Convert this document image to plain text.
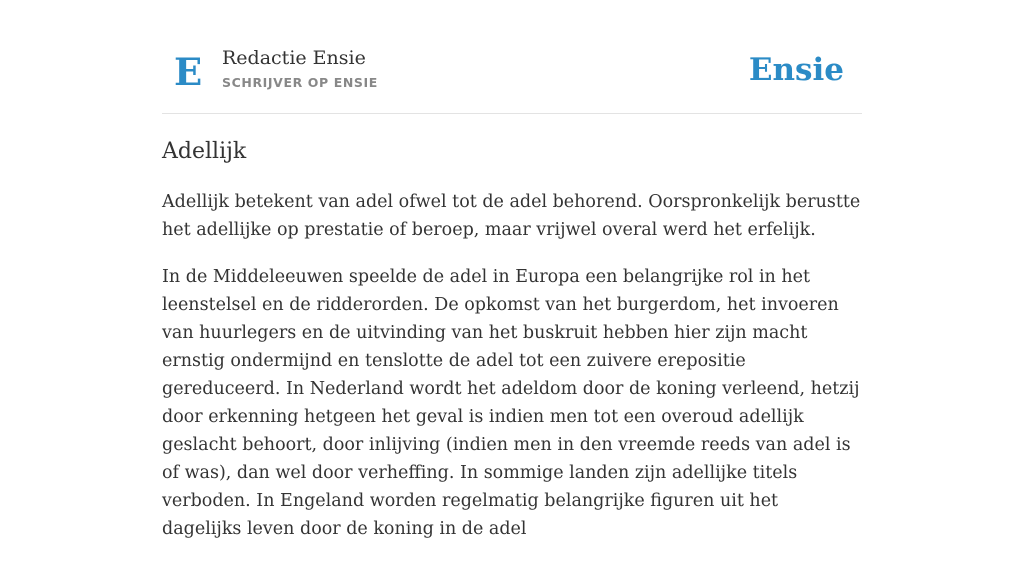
E Redactie Ensie
SCHRIJVER OP ENSIE	Ensie
Adellijk

Adellijk betekent van adel ofwel tot de adel behorend. Oorspronkelijk berustte het adellijke op prestatie of beroep, maar vrijwel overal werd het erfelijk.

In de Middeleeuwen speelde de adel in Europa een belangrijke rol in het leenstelsel en de ridderorden. De opkomst van het burgerdom, het invoeren van huurlegers en de uitvinding van het buskruit hebben hier zijn macht ernstig ondermijnd en tenslotte de adel tot een zuivere erepositie gereduceerd. In Nederland wordt het adeldom door de koning verleend, hetzij door erkenning hetgeen het geval is indien men tot een overoud adellijk geslacht behoort, door inlijving (indien men in den vreemde reeds van adel is of was), dan wel door verheffing. In sommige landen zijn adellijke titels verboden. In Engeland worden regelmatig belangrijke figuren uit het dagelijks leven door de koning in de adel
